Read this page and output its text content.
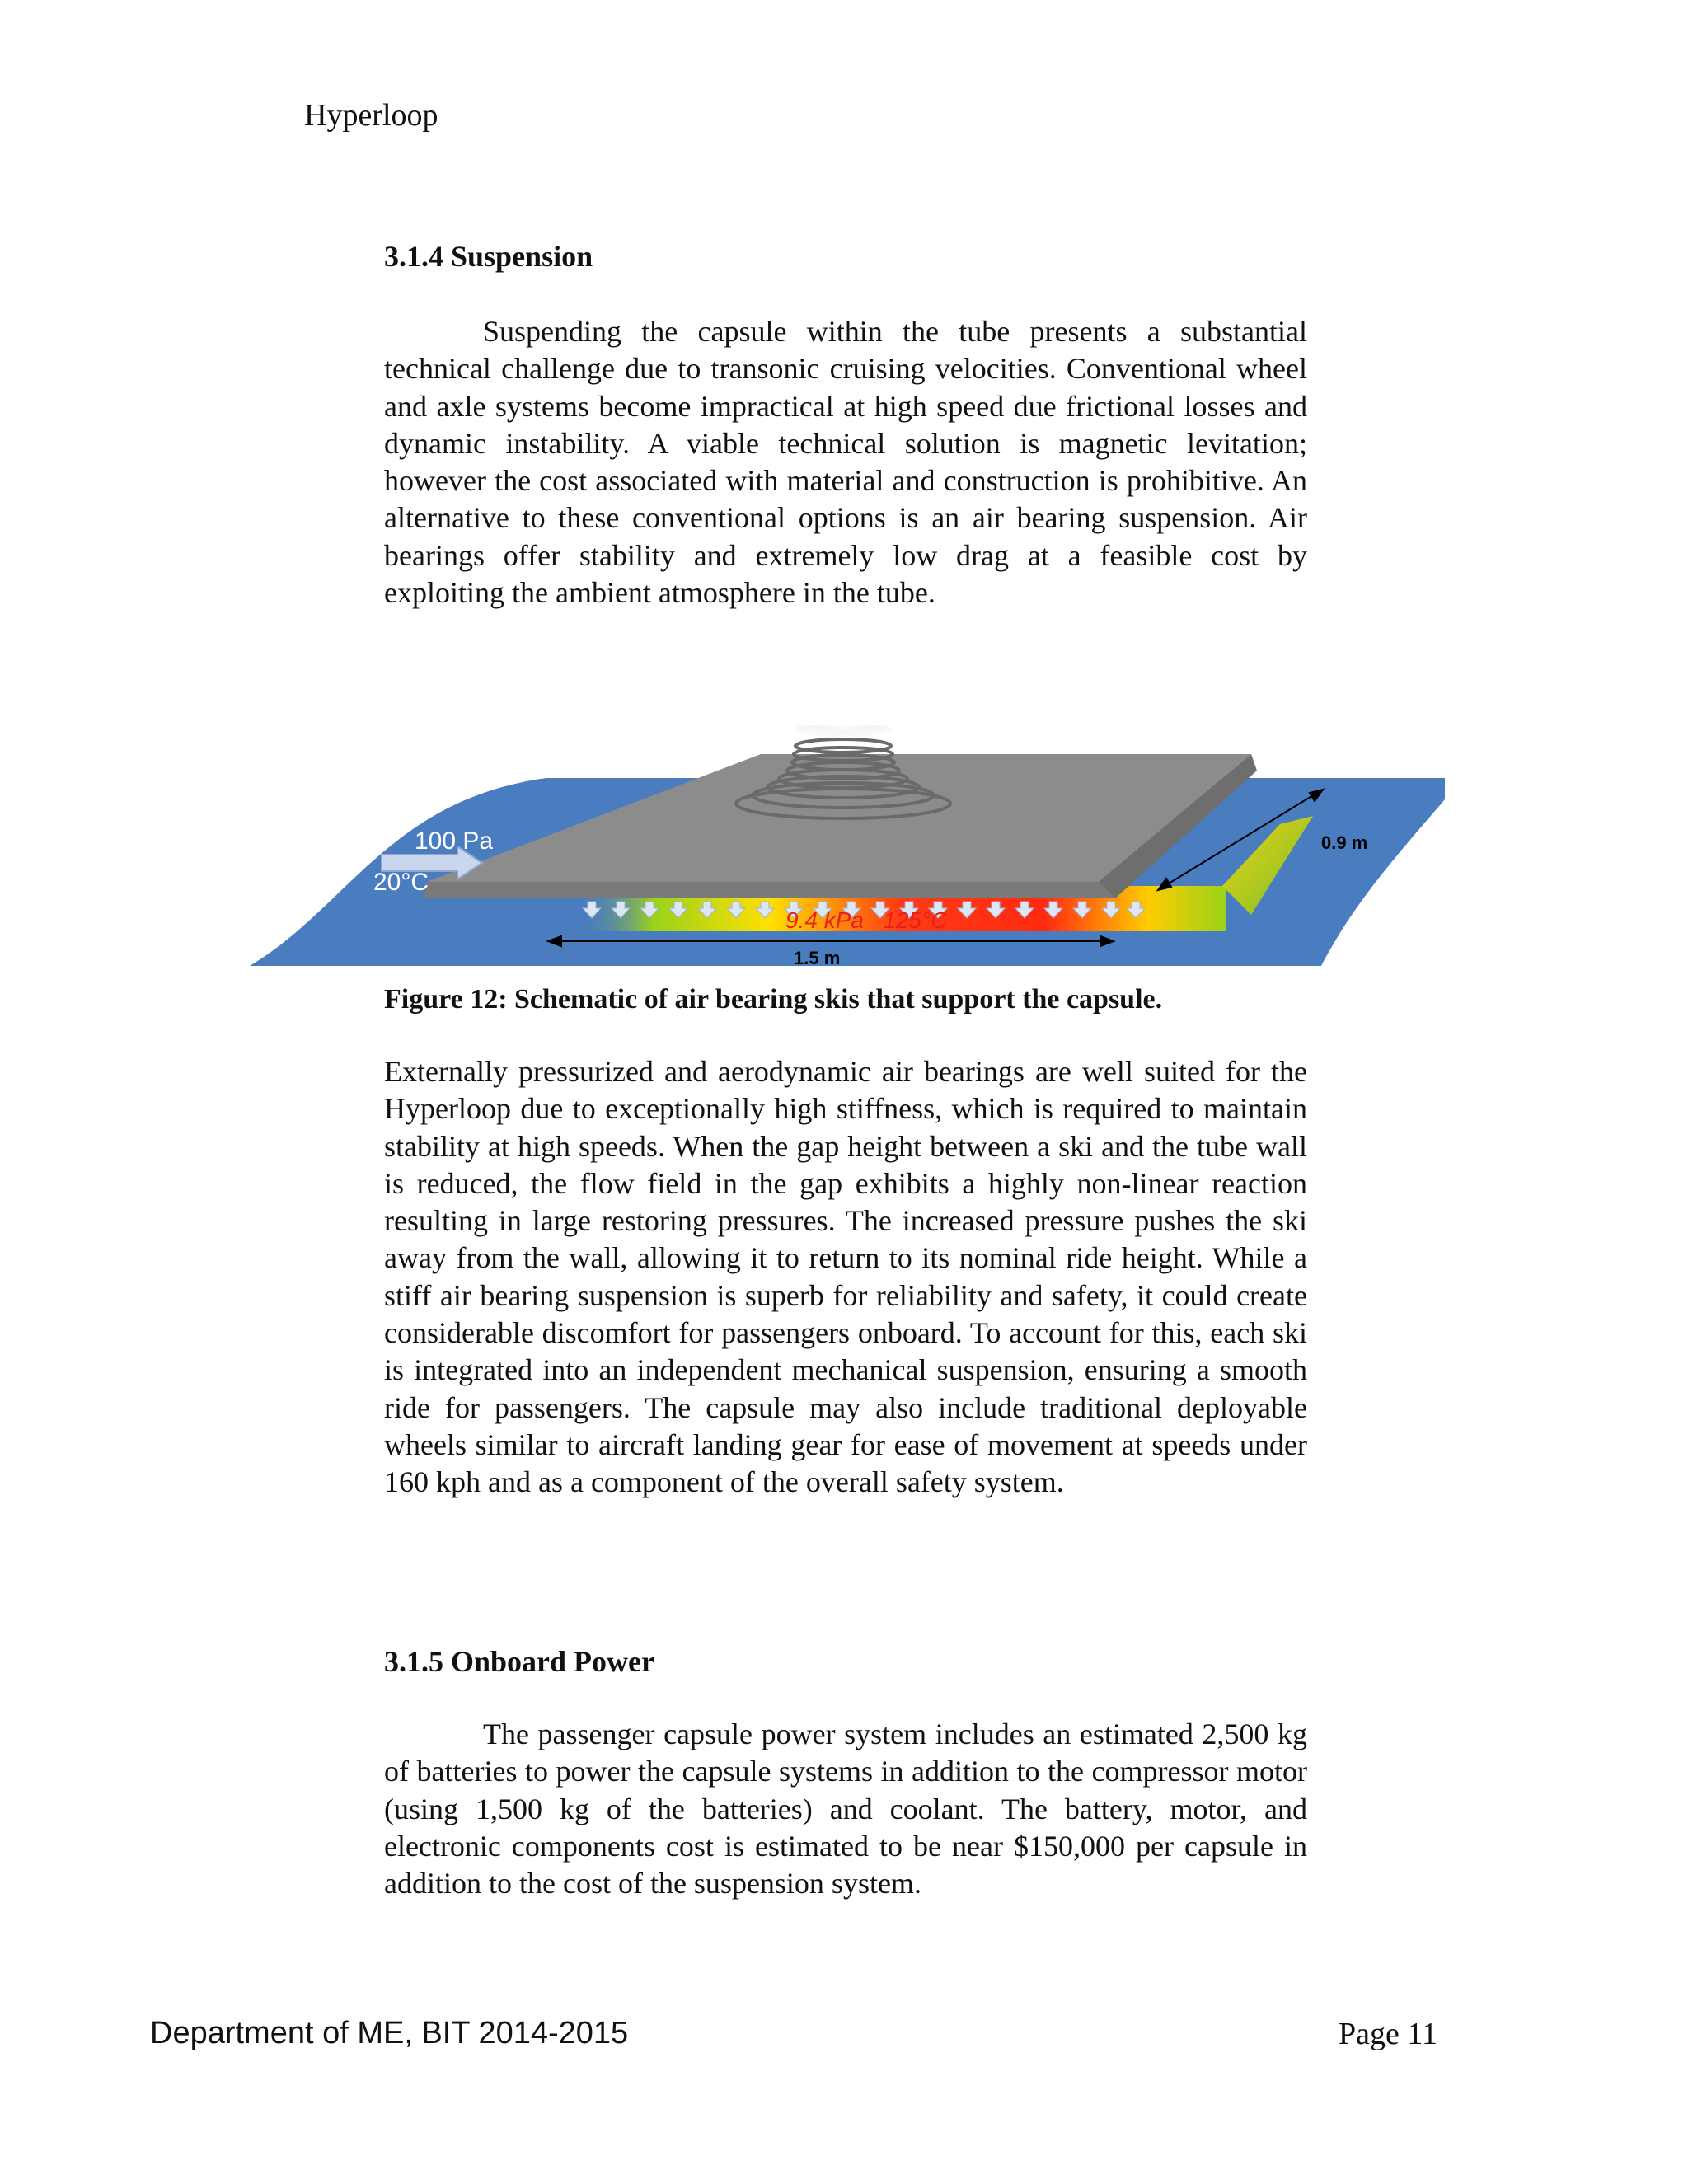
Hyperloop
3.1.4 Suspension

Suspending the capsule within the tube presents a substantial technical challenge due to transonic cruising velocities. Conventional wheel and axle systems become impractical at high speed due frictional losses and dynamic instability. A viable technical solution is magnetic levitation; however the cost associated with material and construction is prohibitive. An alternative to these conventional options is an air bearing suspension. Air bearings offer stability and extremely low drag at a feasible cost by exploiting the ambient atmosphere in the tube.

100 Pa
20°C
9.4 kPa   125°C
1.5 m
0.9 m

Figure 12: Schematic of air bearing skis that support the capsule.

Externally pressurized and aerodynamic air bearings are well suited for the Hyperloop due to exceptionally high stiffness, which is required to maintain stability at high speeds. When the gap height between a ski and the tube wall is reduced, the flow field in the gap exhibits a highly non-linear reaction resulting in large restoring pressures. The increased pressure pushes the ski away from the wall, allowing it to return to its nominal ride height. While a stiff air bearing suspension is superb for reliability and safety, it could create considerable discomfort for passengers onboard. To account for this, each ski is integrated into an independent mechanical suspension, ensuring a smooth ride for passengers. The capsule may also include traditional deployable wheels similar to aircraft landing gear for ease of movement at speeds under 160 kph and as a component of the overall safety system.

3.1.5 Onboard Power

The passenger capsule power system includes an estimated 2,500 kg of batteries to power the capsule systems in addition to the compressor motor (using 1,500 kg of the batteries) and coolant. The battery, motor, and electronic components cost is estimated to be near $150,000 per capsule in addition to the cost of the suspension system.

Department of ME, BIT 2014-2015	Page 11
